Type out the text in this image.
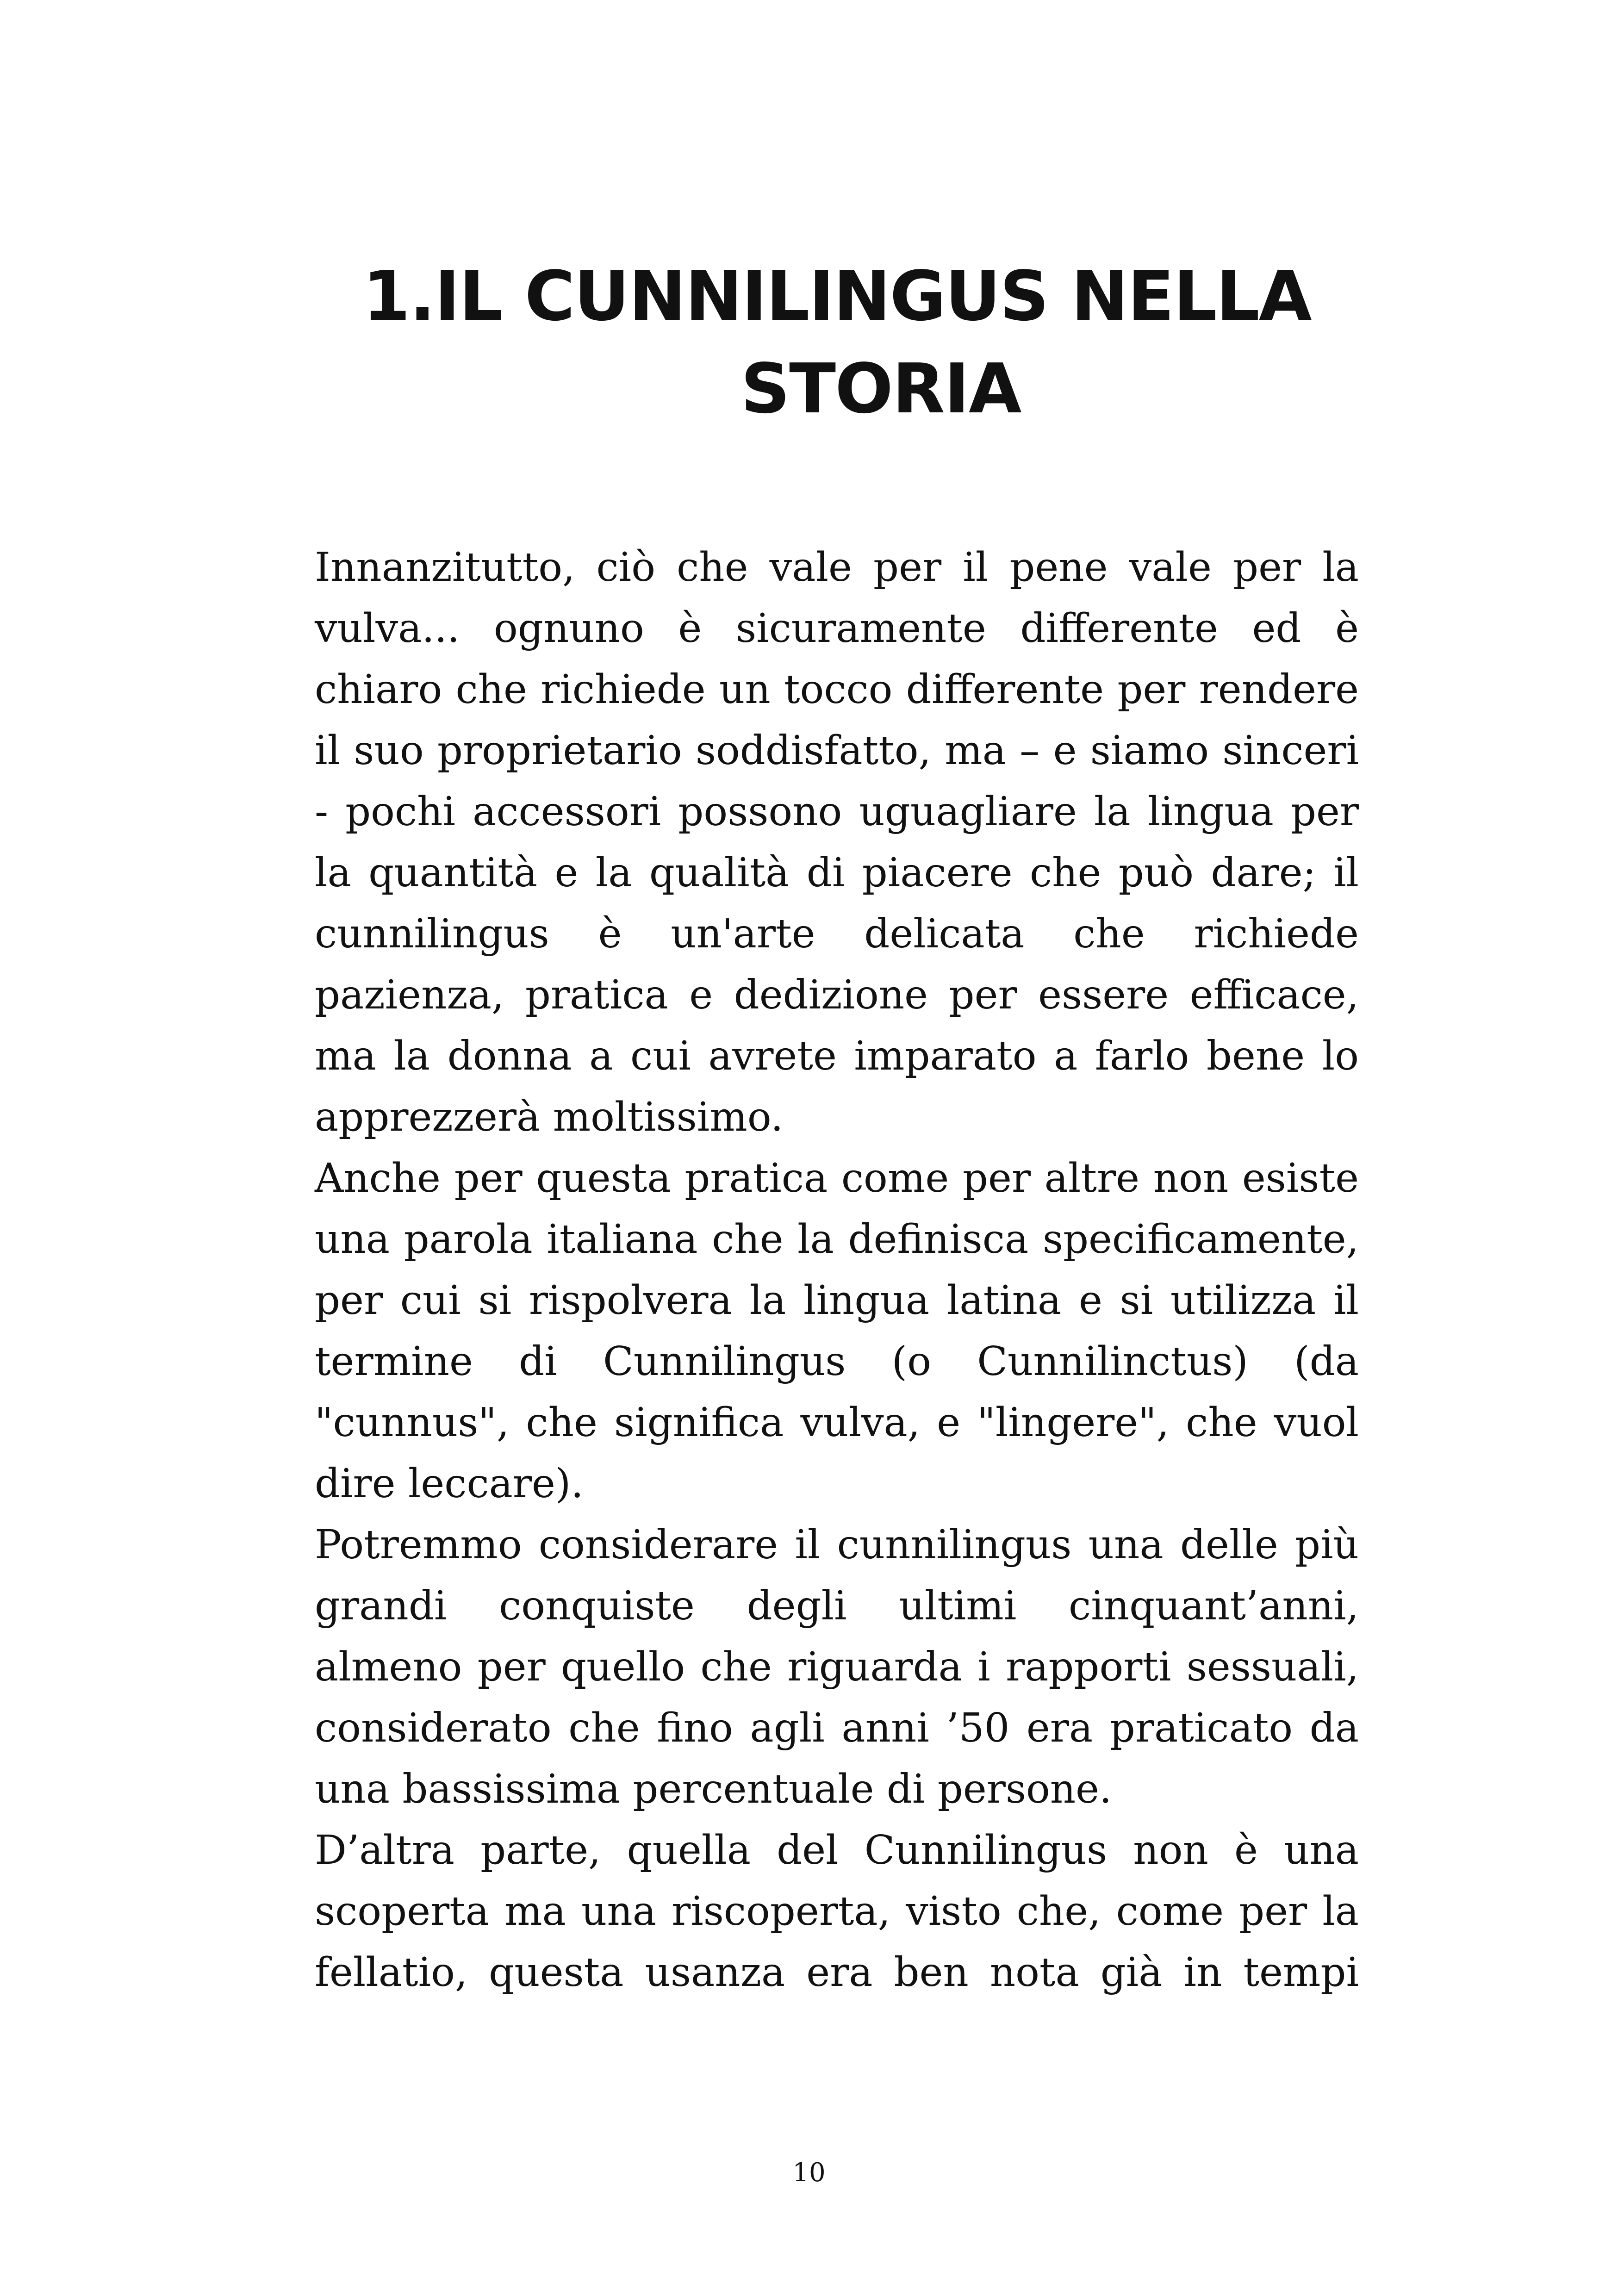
1.IL CUNNILINGUS NELLA
STORIA

Innanzitutto, ciò che vale per il pene vale per la vulva... ognuno è sicuramente differente ed è chiaro che richiede un tocco differente per rendere il suo proprietario soddisfatto, ma – e siamo sinceri - pochi accessori possono uguagliare la lingua per la quantità e la qualità di piacere che può dare; il cunnilingus è un'arte delicata che richiede pazienza, pratica e dedizione per essere efficace, ma la donna a cui avrete imparato a farlo bene lo apprezzerà moltissimo.

Anche per questa pratica come per altre non esiste una parola italiana che la definisca specificamente, per cui si rispolvera la lingua latina e si utilizza il termine di Cunnilingus (o Cunnilinctus) (da "cunnus", che significa vulva, e "lingere", che vuol dire leccare).

Potremmo considerare il cunnilingus una delle più grandi conquiste degli ultimi cinquant’anni, almeno per quello che riguarda i rapporti sessuali, considerato che fino agli anni ’50 era praticato da una bassissima percentuale di persone.

D’altra parte, quella del Cunnilingus non è una scoperta ma una riscoperta, visto che, come per la fellatio, questa usanza era ben nota già in tempi

10
